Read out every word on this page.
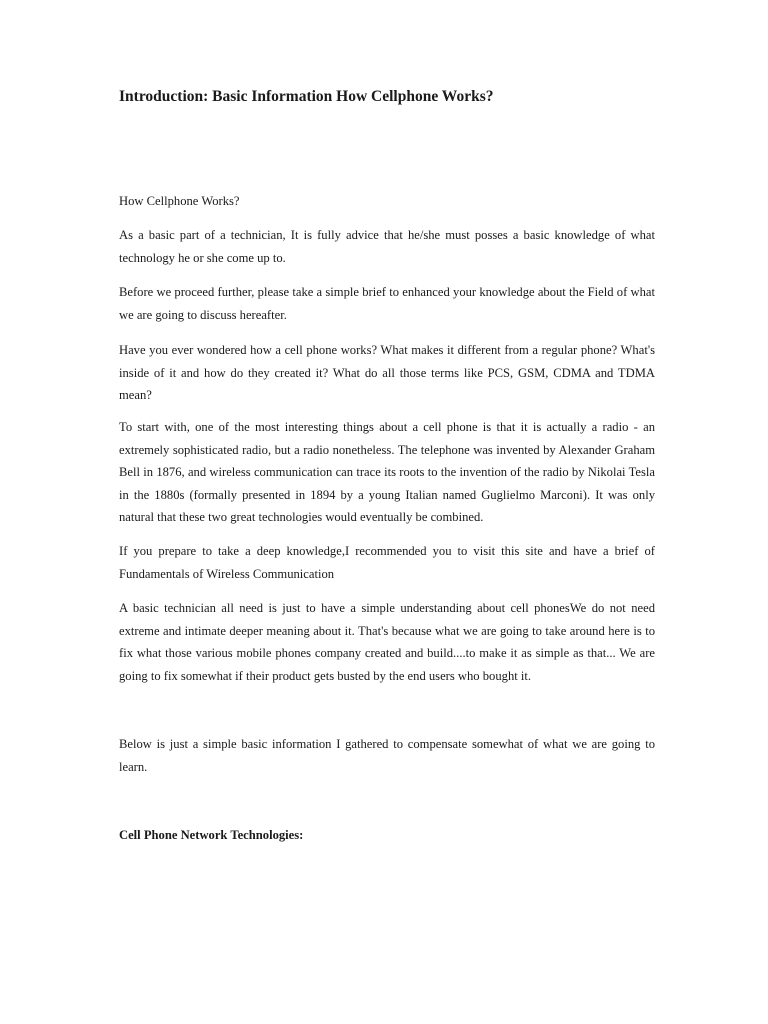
Introduction: Basic Information How Cellphone Works?

How Cellphone Works?

As a basic part of a technician, It is fully advice that he/she must posses a basic knowledge of what technology he or she come up to.

Before we proceed further, please take a simple brief to enhanced your knowledge about the Field of what we are going to discuss hereafter.

Have you ever wondered how a cell phone works? What makes it different from a regular phone? What's inside of it and how do they created it? What do all those terms like PCS, GSM, CDMA and TDMA mean?

To start with, one of the most interesting things about a cell phone is that it is actually a radio - an extremely sophisticated radio, but a radio nonetheless. The telephone was invented by Alexander Graham Bell in 1876, and wireless communication can trace its roots to the invention of the radio by Nikolai Tesla in the 1880s (formally presented in 1894 by a young Italian named Guglielmo Marconi). It was only natural that these two great technologies would eventually be combined.

If you prepare to take a deep knowledge,I recommended you to visit this site and have a brief of Fundamentals of Wireless Communication

A basic technician all need is just to have a simple understanding about cell phonesWe do not need extreme and intimate deeper meaning about it. That's because what we are going to take around here is to fix what those various mobile phones company created and build....to make it as simple as that... We are going to fix somewhat if their product gets busted by the end users who bought it.

Below is just a simple basic information I gathered to compensate somewhat of what we are going to learn.

Cell Phone Network Technologies:
